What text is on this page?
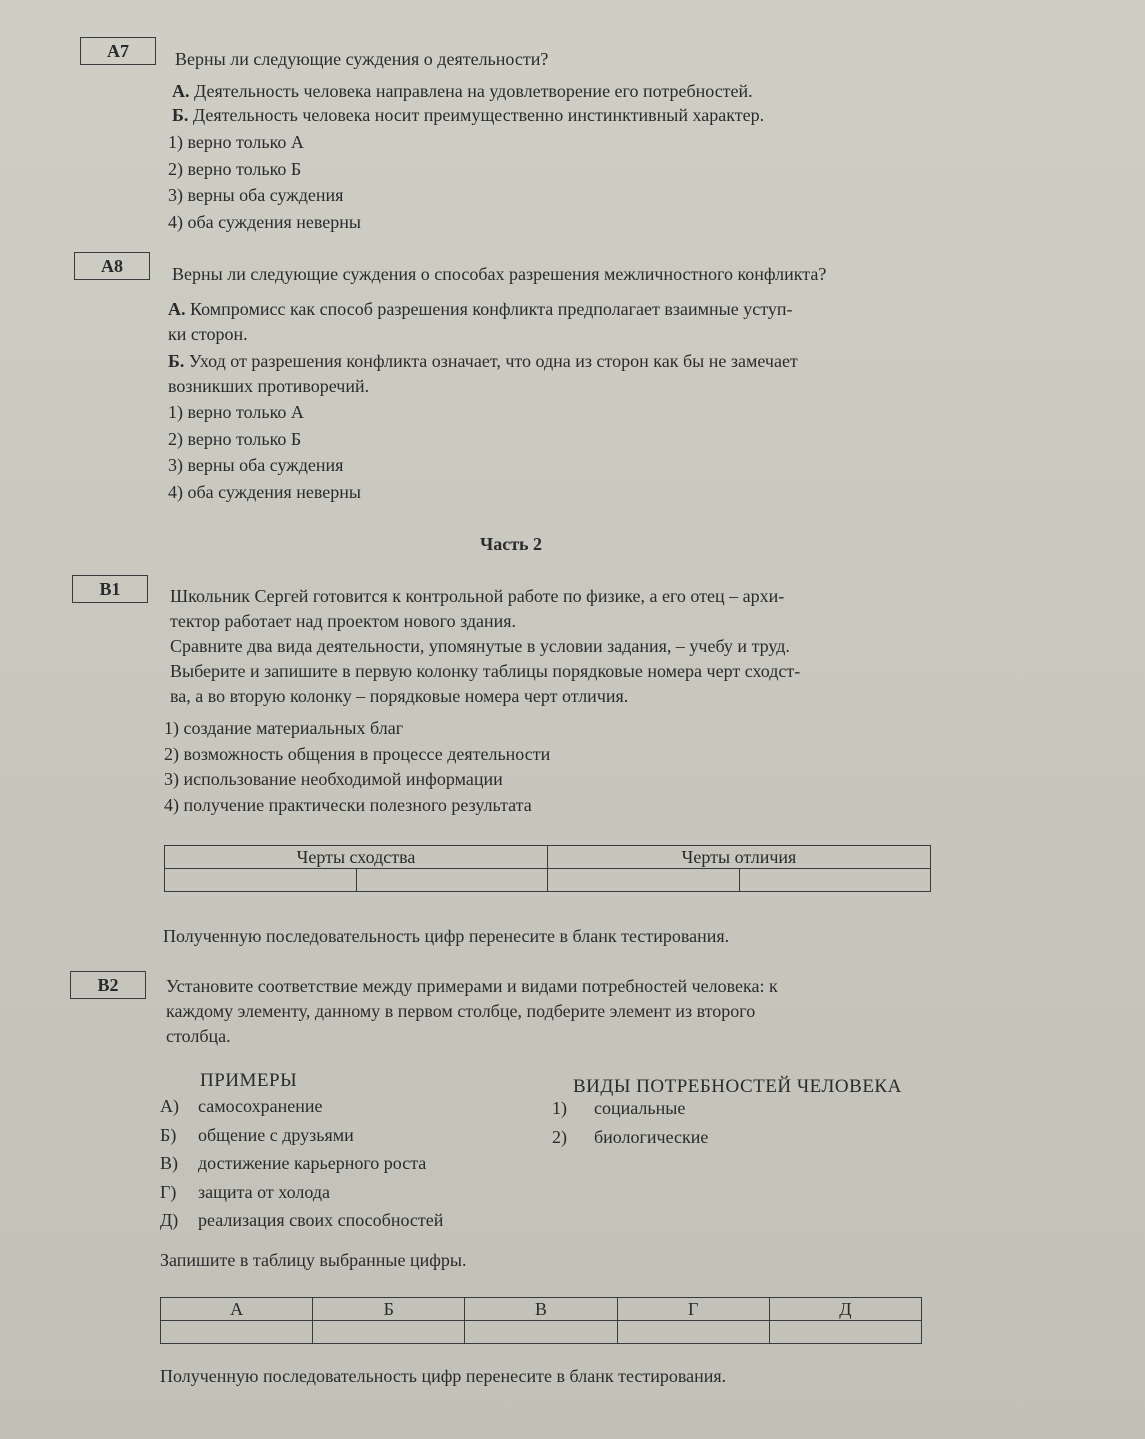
А7	Верны ли следующие суждения о деятельности?
А. Деятельность человека направлена на удовлетворение его потребностей.
Б. Деятельность человека носит преимущественно инстинктивный характер.
1) верно только А
2) верно только Б
3) верны оба суждения
4) оба суждения неверны
А8	Верны ли следующие суждения о способах разрешения межличностного конфликта?
А. Компромисс как способ разрешения конфликта предполагает взаимные уступ-
ки сторон.
Б. Уход от разрешения конфликта означает, что одна из сторон как бы не замечает
возникших противоречий.
1) верно только А
2) верно только Б
3) верны оба суждения
4) оба суждения неверны
Часть 2
В1	Школьник Сергей готовится к контрольной работе по физике, а его отец – архи-
тектор работает над проектом нового здания.
Сравните два вида деятельности, упомянутые в условии задания, – учебу и труд.
Выберите и запишите в первую колонку таблицы порядковые номера черт сходст-
ва, а во вторую колонку – порядковые номера черт отличия.
1) создание материальных благ
2) возможность общения в процессе деятельности
3) использование необходимой информации
4) получение практически полезного результата
Черты сходства		Черты отличия	

Полученную последовательность цифр перенесите в бланк тестирования.
В2	Установите соответствие между примерами и видами потребностей человека: к
каждому элементу, данному в первом столбце, подберите элемент из второго
столбца.
ПРИМЕРЫ	ВИДЫ ПОТРЕБНОСТЕЙ ЧЕЛОВЕКА
А) самосохранение
Б) общение с друзьями
В) достижение карьерного роста
Г) защита от холода
Д) реализация своих способностей
1) социальные
2) биологические
Запишите в таблицу выбранные цифры.
А	Б	В	Г	Д

Полученную последовательность цифр перенесите в бланк тестирования.
